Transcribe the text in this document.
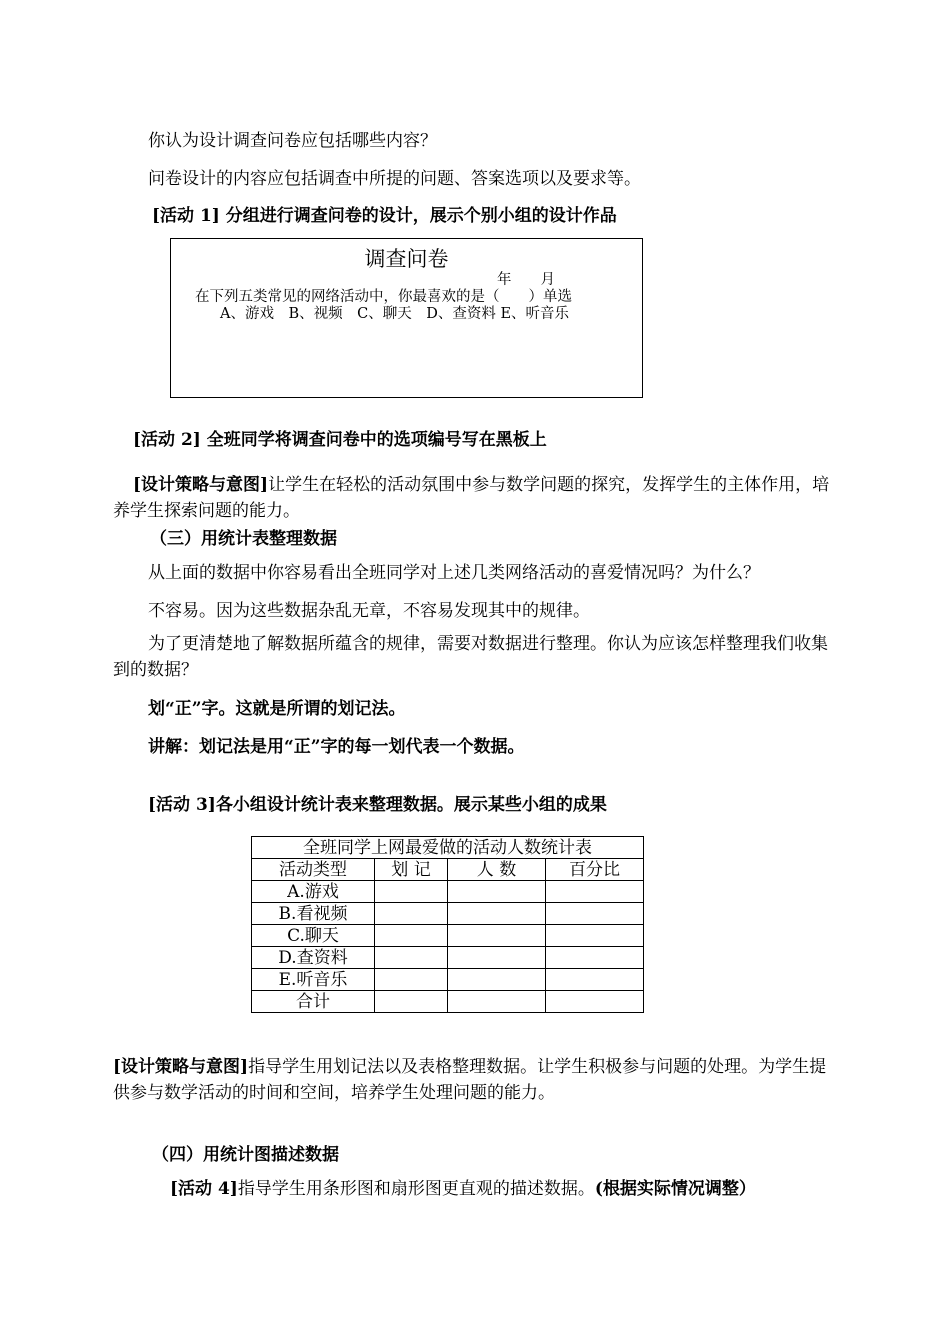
你认为设计调查问卷应包括哪些内容？
问卷设计的内容应包括调查中所提的问题、答案选项以及要求等。
[活动 1] 分组进行调查问卷的设计，展示个别小组的设计作品
调查问卷
年　　月
在下列五类常见的网络活动中，你最喜欢的是（　　）单选
A、游戏　B、视频　C、聊天　D、查资料 E、听音乐
[活动 2] 全班同学将调查问卷中的选项编号写在黑板上
[设计策略与意图]让学生在轻松的活动氛围中参与数学问题的探究，发挥学生的主体作用，培养学生探索问题的能力。
（三）用统计表整理数据
从上面的数据中你容易看出全班同学对上述几类网络活动的喜爱情况吗？为什么？
不容易。因为这些数据杂乱无章，不容易发现其中的规律。
为了更清楚地了解数据所蕴含的规律，需要对数据进行整理。你认为应该怎样整理我们收集到的数据？
划“正”字。这就是所谓的划记法。
讲解：划记法是用“正”字的每一划代表一个数据。
[活动 3]各小组设计统计表来整理数据。展示某些小组的成果
全班同学上网最爱做的活动人数统计表			
活动类型	划 记	人 数	百分比
A.游戏			
B.看视频			
C.聊天			
D.查资料			
E.听音乐			
合计			
[设计策略与意图]指导学生用划记法以及表格整理数据。让学生积极参与问题的处理。为学生提供参与数学活动的时间和空间，培养学生处理问题的能力。
（四）用统计图描述数据
[活动 4]指导学生用条形图和扇形图更直观的描述数据。(根据实际情况调整）
